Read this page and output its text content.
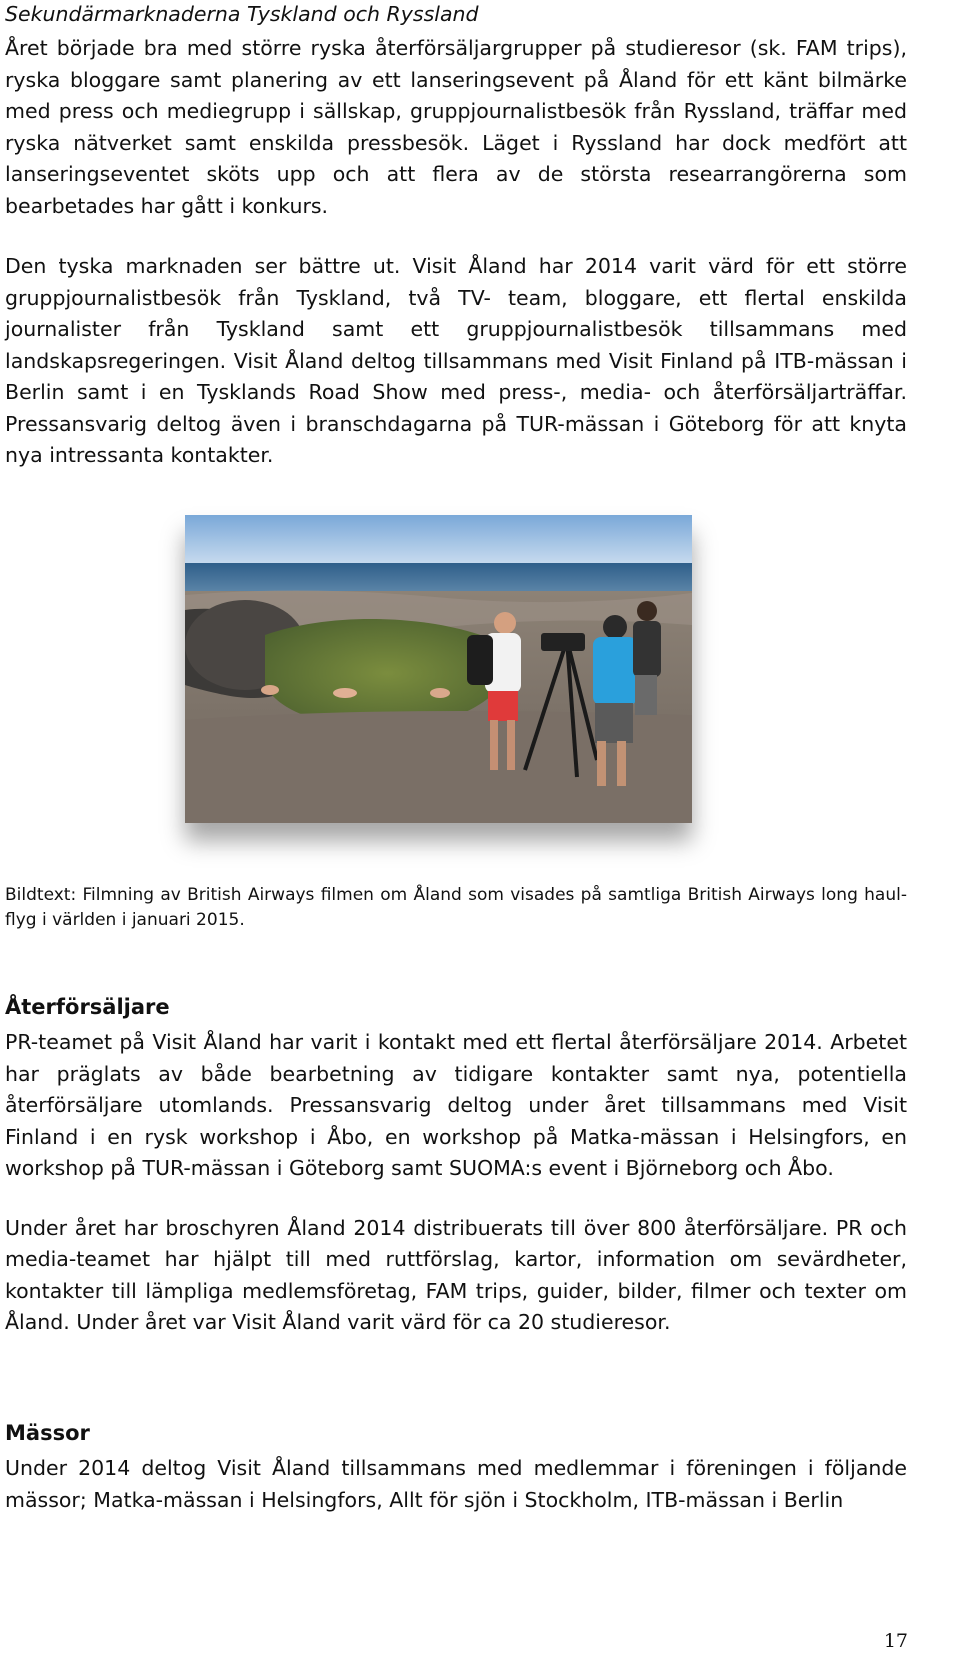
Sekundärmarknaderna Tyskland och Ryssland

Året började bra med större ryska återförsäljargrupper på studieresor (sk. FAM trips), ryska bloggare samt planering av ett lanseringsevent på Åland för ett känt bilmärke med press och mediegrupp i sällskap, gruppjournalistbesök från Ryssland, träffar med ryska nätverket samt enskilda pressbesök. Läget i Ryssland har dock medfört att lanseringseventet sköts upp och att flera av de största researrangörerna som bearbetades har gått i konkurs.

Den tyska marknaden ser bättre ut. Visit Åland har 2014 varit värd för ett större gruppjournalistbesök från Tyskland, två TV- team, bloggare, ett flertal enskilda journalister från Tyskland samt ett gruppjournalistbesök tillsammans med landskapsregeringen. Visit Åland deltog tillsammans med Visit Finland på ITB-mässan i Berlin samt i en Tysklands Road Show med press-, media- och återförsäljarträffar. Pressansvarig deltog även i branschdagarna på TUR-mässan i Göteborg för att knyta nya intressanta kontakter.

Bildtext: Filmning av British Airways filmen om Åland som visades på samtliga British Airways long haul-flyg i världen i januari 2015.

Återförsäljare

PR-teamet på Visit Åland har varit i kontakt med ett flertal återförsäljare 2014. Arbetet har präglats av både bearbetning av tidigare kontakter samt nya, potentiella återförsäljare utomlands. Pressansvarig deltog under året tillsammans med Visit Finland i en rysk workshop i Åbo, en workshop på Matka-mässan i Helsingfors, en workshop på TUR-mässan i Göteborg samt SUOMA:s event i Björneborg och Åbo.

Under året har broschyren Åland 2014 distribuerats till över 800 återförsäljare. PR och media-teamet har hjälpt till med ruttförslag, kartor, information om sevärdheter, kontakter till lämpliga medlemsföretag, FAM trips, guider, bilder, filmer och texter om Åland. Under året var Visit Åland varit värd för ca 20 studieresor.

Mässor

Under 2014 deltog Visit Åland tillsammans med medlemmar i föreningen i följande mässor; Matka-mässan i Helsingfors, Allt för sjön i Stockholm, ITB-mässan i Berlin

17
